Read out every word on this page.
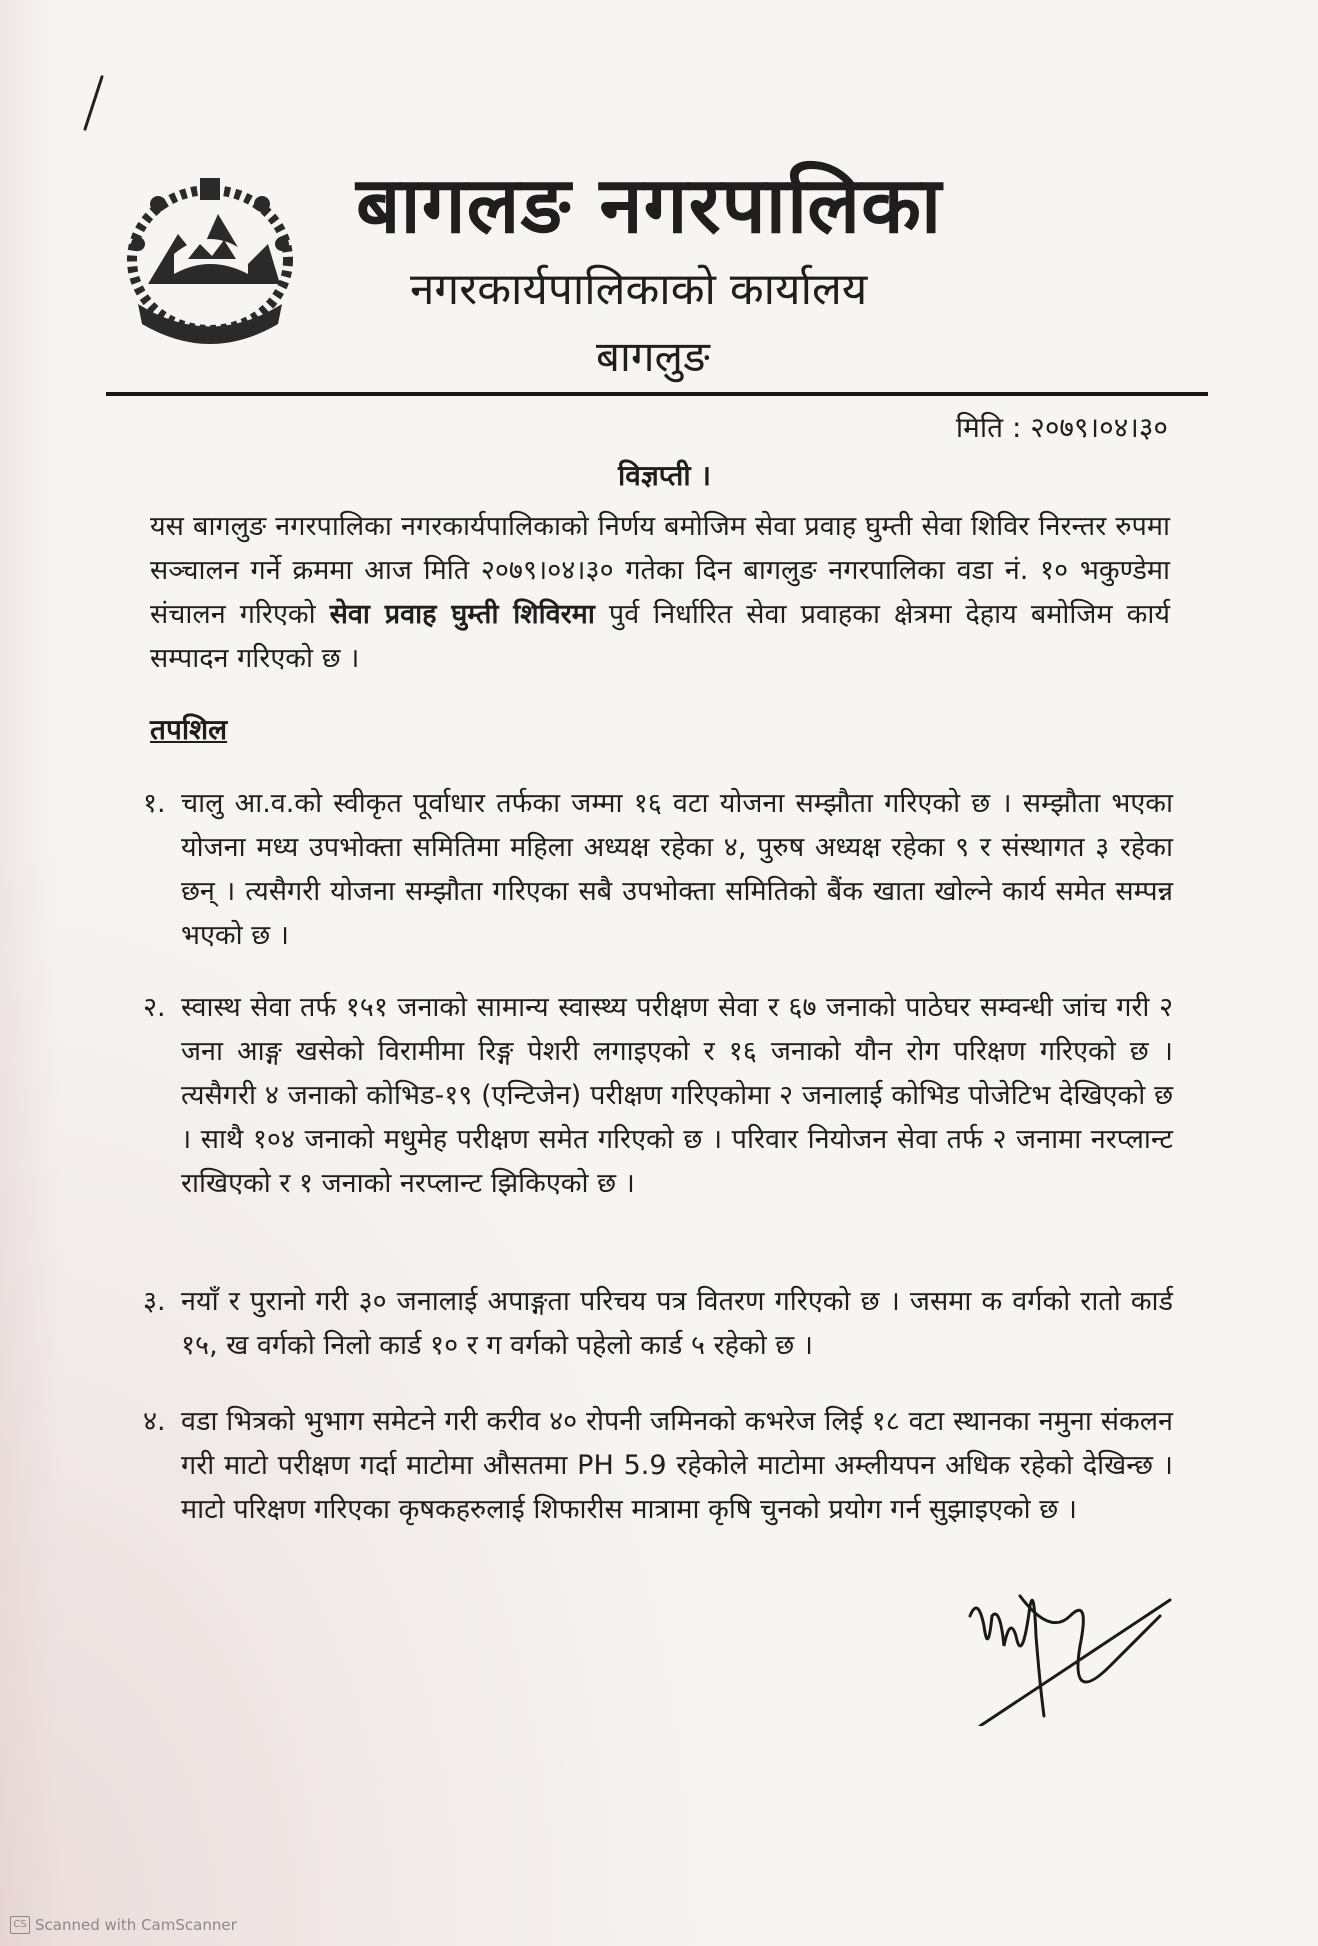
बागलङ नगरपालिका
नगरकार्यपालिकाको कार्यालय
बागलुङ
मिति : २०७९।०४।३०
विज्ञप्ती ।
यस बागलुङ नगरपालिका नगरकार्यपालिकाको निर्णय बमोजिम सेवा प्रवाह घुम्ती सेवा शिविर निरन्तर रुपमा सञ्चालन गर्ने क्रममा आज मिति २०७९।०४।३० गतेका दिन बागलुङ नगरपालिका वडा नं. १० भकुण्डेमा संचालन गरिएको सेवा प्रवाह घुम्ती शिविरमा पुर्व निर्धारित सेवा प्रवाहका क्षेत्रमा देहाय बमोजिम कार्य सम्पादन गरिएको छ ।
तपशिल
१. चालु आ.व.को स्वीकृत पूर्वाधार तर्फका जम्मा १६ वटा योजना सम्झौता गरिएको छ । सम्झौता भएका योजना मध्य उपभोक्ता समितिमा महिला अध्यक्ष रहेका ४, पुरुष अध्यक्ष रहेका ९ र संस्थागत ३ रहेका छन् । त्यसैगरी योजना सम्झौता गरिएका सबै उपभोक्ता समितिको बैंक खाता खोल्ने कार्य समेत सम्पन्न भएको छ ।
२. स्वास्थ सेवा तर्फ १५१ जनाको सामान्य स्वास्थ्य परीक्षण सेवा र ६७ जनाको पाठेघर सम्वन्धी जांच गरी २ जना आङ्ग खसेको विरामीमा रिङ्ग पेशरी लगाइएको र १६ जनाको यौन रोग परिक्षण गरिएको छ । त्यसैगरी ४ जनाको कोभिड-१९ (एन्टिजेन) परीक्षण गरिएकोमा २ जनालाई कोभिड पोजेटिभ देखिएको छ । साथै १०४ जनाको मधुमेह परीक्षण समेत गरिएको छ । परिवार नियोजन सेवा तर्फ २ जनामा नरप्लान्ट राखिएको र १ जनाको नरप्लान्ट झिकिएको छ ।
३. नयाँ र पुरानो गरी ३० जनालाई अपाङ्गता परिचय पत्र वितरण गरिएको छ । जसमा क वर्गको रातो कार्ड १५, ख वर्गको निलो कार्ड १० र ग वर्गको पहेलो कार्ड ५ रहेको छ ।
४. वडा भित्रको भुभाग समेटने गरी करीव ४० रोपनी जमिनको कभरेज लिई १८ वटा स्थानका नमुना संकलन गरी माटो परीक्षण गर्दा माटोमा औसतमा PH 5.9 रहेकोले माटोमा अम्लीयपन अधिक रहेको देखिन्छ । माटो परिक्षण गरिएका कृषकहरुलाई शिफारीस मात्रामा कृषि चुनको प्रयोग गर्न सुझाइएको छ ।
CS Scanned with CamScanner
